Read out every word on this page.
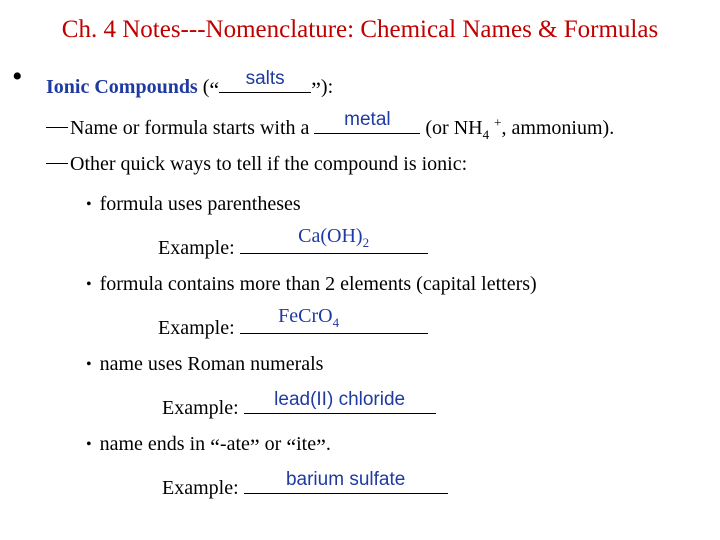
Ch. 4 Notes---Nomenclature: Chemical Names & Formulas
• Ionic Compounds (“	salts	”):
Name or formula starts with a	metal	(or $NH_4$ +, ammonium).
Other quick ways to tell if the compound is ionic:
• formula uses parentheses
Example:
$Ca(OH)_2$
• formula contains more than 2 elements (capital letters)
Example:
FeCrO$_4$
• name uses Roman numerals
Example:	lead(II) chloride
• name ends in “-ate” or “ite”.
Example:	barium sulfate
